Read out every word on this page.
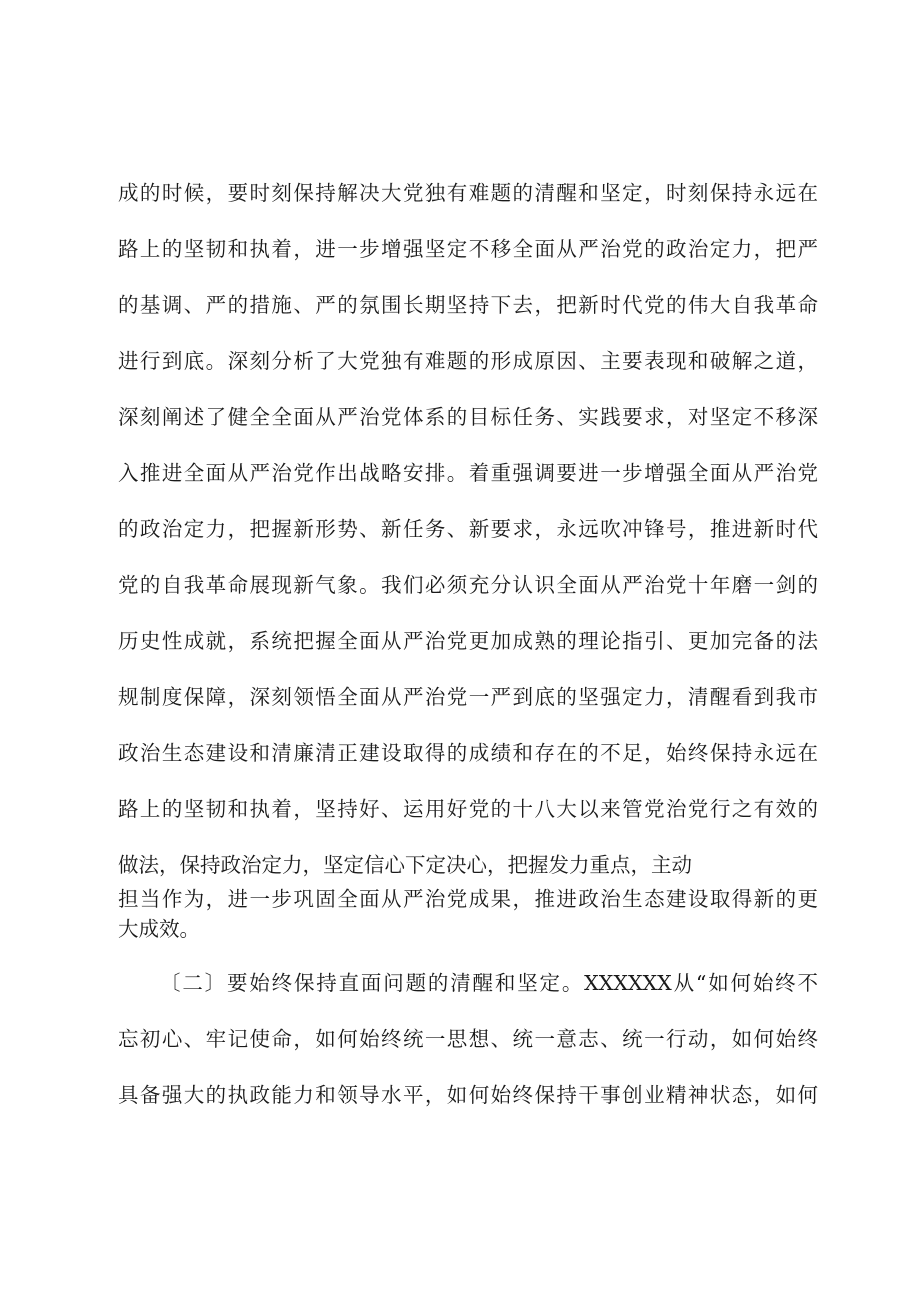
成的时候，要时刻保持解决大党独有难题的清醒和坚定，时刻保持永远在
路上的坚韧和执着，进一步增强坚定不移全面从严治党的政治定力，把严
的基调、严的措施、严的氛围长期坚持下去，把新时代党的伟大自我革命
进行到底。深刻分析了大党独有难题的形成原因、主要表现和破解之道，
深刻阐述了健全全面从严治党体系的目标任务、实践要求，对坚定不移深
入推进全面从严治党作出战略安排。着重强调要进一步增强全面从严治党
的政治定力，把握新形势、新任务、新要求，永远吹冲锋号，推进新时代
党的自我革命展现新气象。我们必须充分认识全面从严治党十年磨一剑的
历史性成就，系统把握全面从严治党更加成熟的理论指引、更加完备的法
规制度保障，深刻领悟全面从严治党一严到底的坚强定力，清醒看到我市
政治生态建设和清廉清正建设取得的成绩和存在的不足，始终保持永远在
路上的坚韧和执着，坚持好、运用好党的十八大以来管党治党行之有效的
做法，保持政治定力，坚定信心下定决心，把握发力重点，主动
担当作为，进一步巩固全面从严治党成果，推进政治生态建设取得新的更
大成效。
〔二〕要始终保持直面问题的清醒和坚定。XXXXXX从“如何始终不
忘初心、牢记使命，如何始终统一思想、统一意志、统一行动，如何始终
具备强大的执政能力和领导水平，如何始终保持干事创业精神状态，如何
